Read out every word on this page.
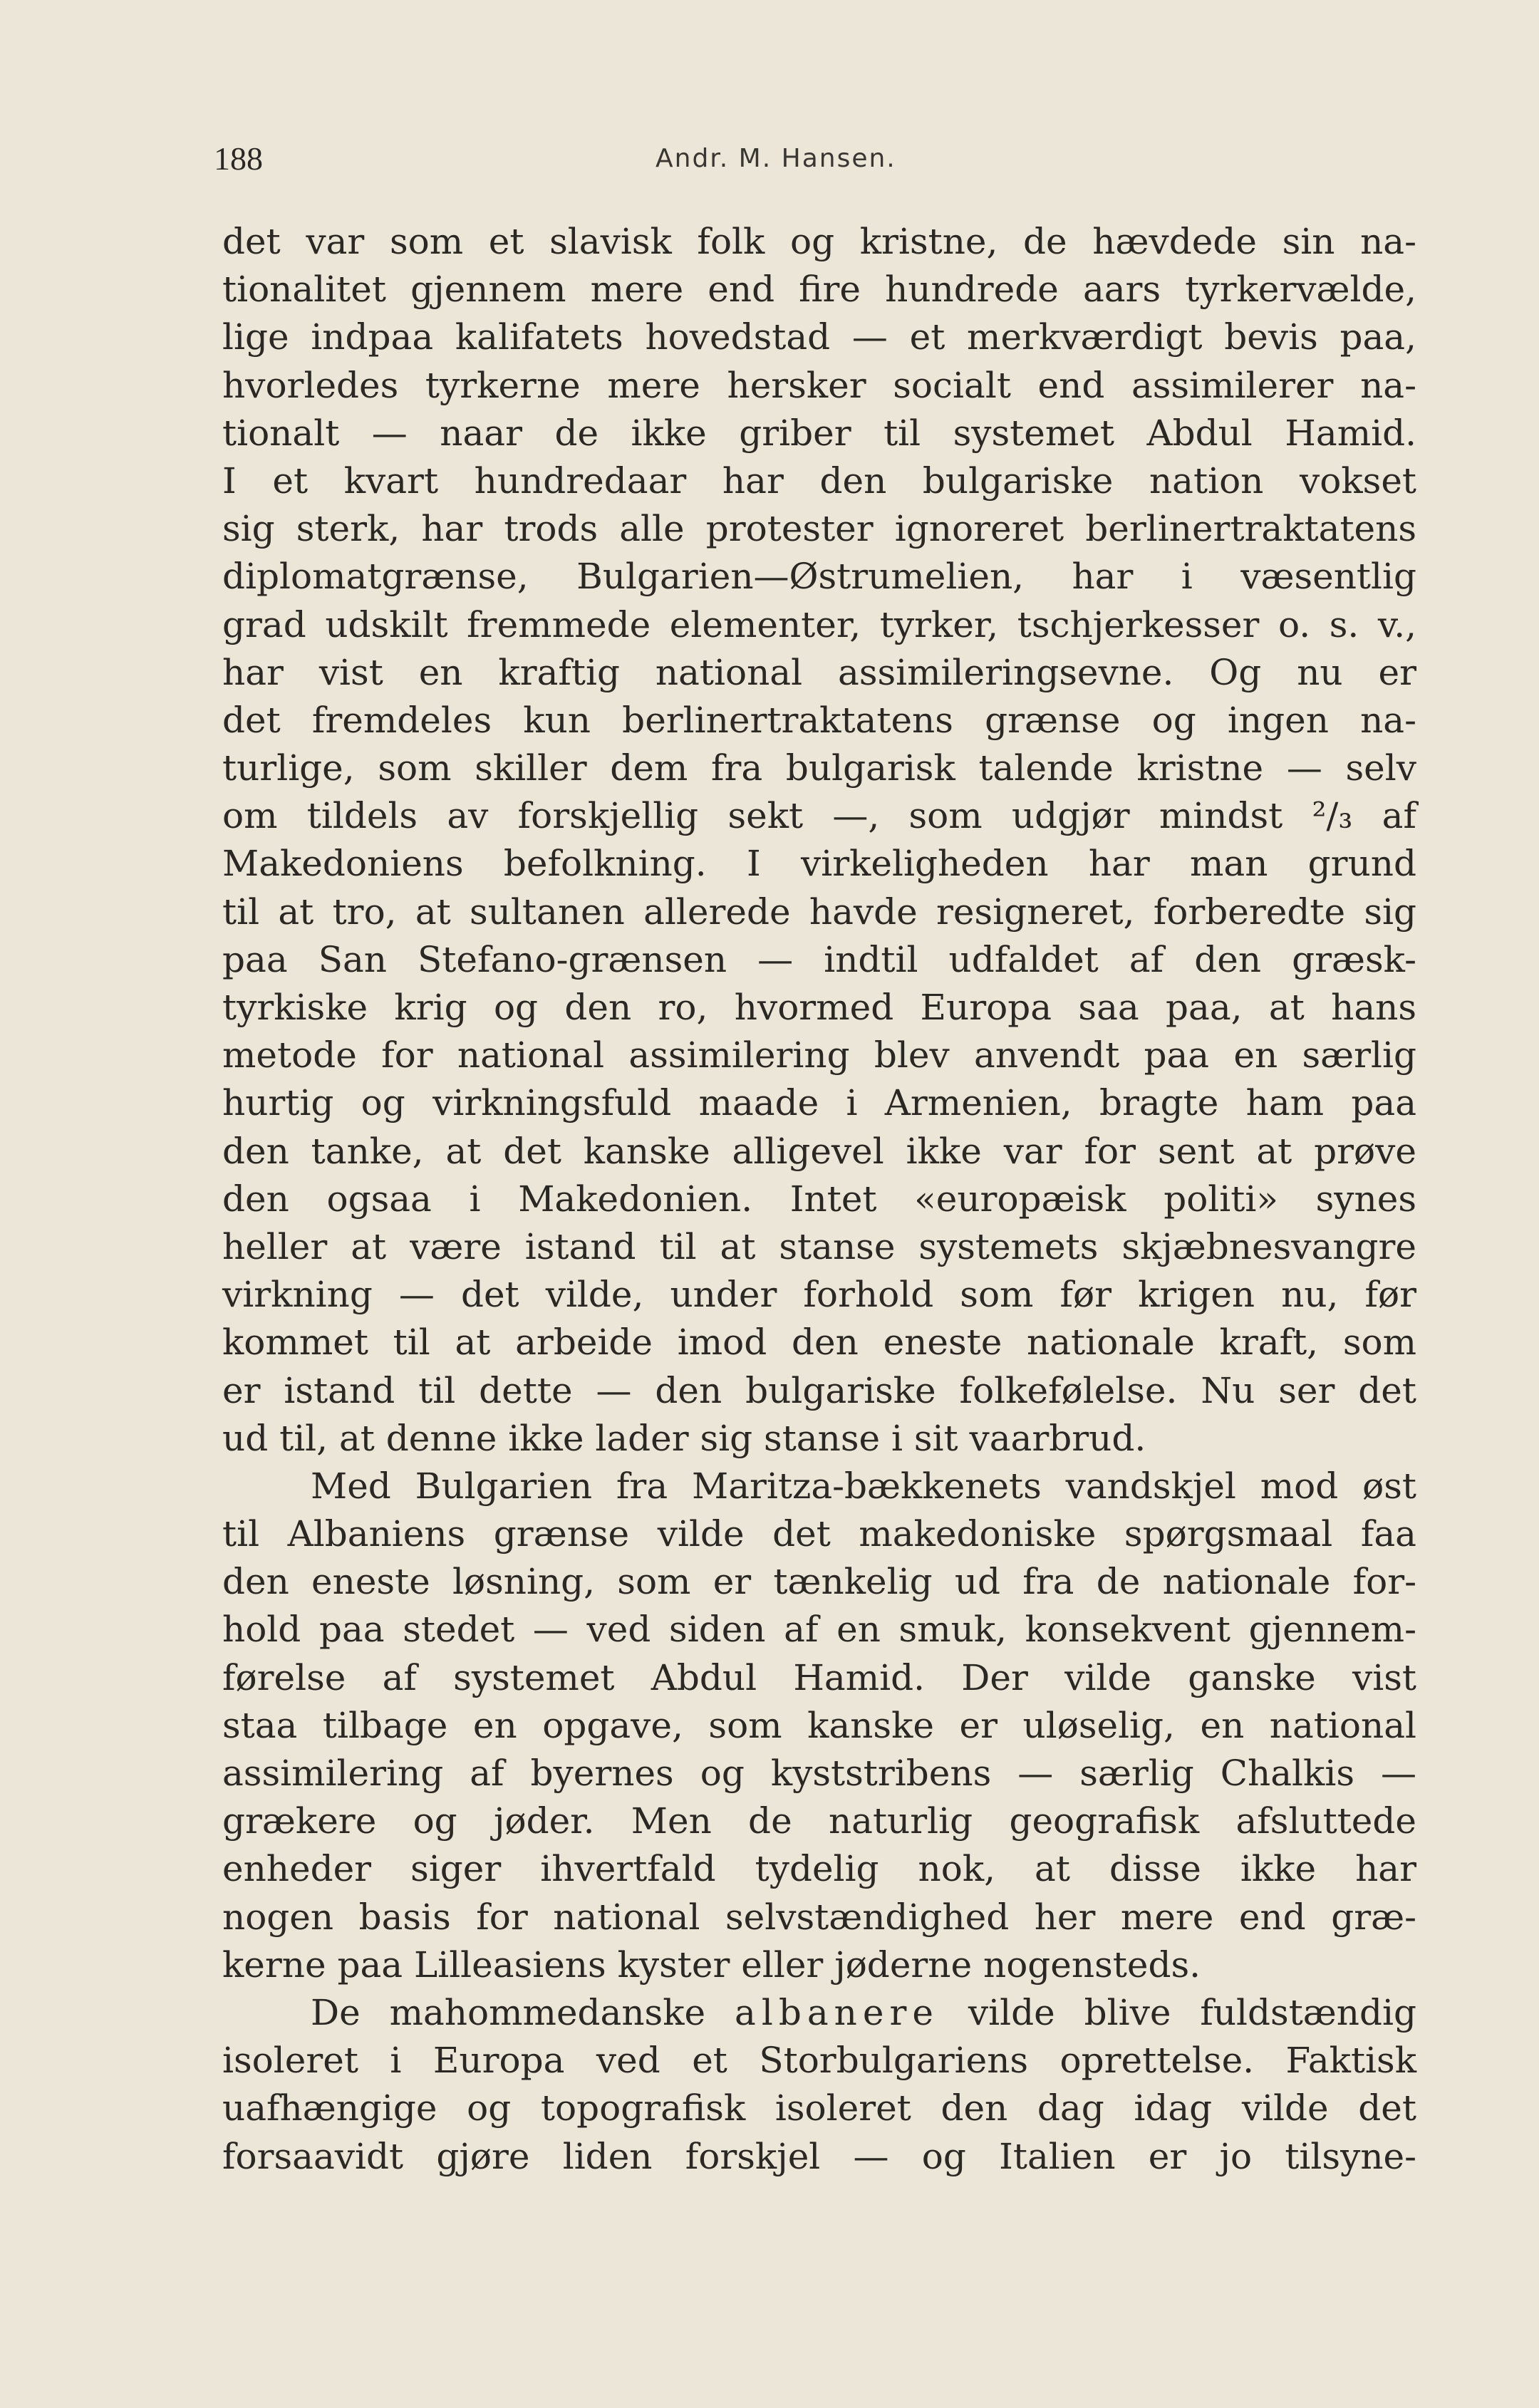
188	Andr. M. Hansen.
det var som et slavisk folk og kristne, de hævdede sin na-
tionalitet gjennem mere end fire hundrede aars tyrkervælde,
lige indpaa kalifatets hovedstad — et merkværdigt bevis paa,
hvorledes tyrkerne mere hersker socialt end assimilerer na-
tionalt — naar de ikke griber til systemet Abdul Hamid.
I et kvart hundredaar har den bulgariske nation vokset
sig sterk, har trods alle protester ignoreret berlinertraktatens
diplomatgrænse, Bulgarien—Østrumelien, har i væsentlig
grad udskilt fremmede elementer, tyrker, tschjerkesser o. s. v.,
har vist en kraftig national assimileringsevne. Og nu er
det fremdeles kun berlinertraktatens grænse og ingen na-
turlige, som skiller dem fra bulgarisk talende kristne — selv
om tildels av forskjellig sekt —, som udgjør mindst ²/₃ af
Makedoniens befolkning. I virkeligheden har man grund
til at tro, at sultanen allerede havde resigneret, forberedte sig
paa San Stefano-grænsen — indtil udfaldet af den græsk-
tyrkiske krig og den ro, hvormed Europa saa paa, at hans
metode for national assimilering blev anvendt paa en særlig
hurtig og virkningsfuld maade i Armenien, bragte ham paa
den tanke, at det kanske alligevel ikke var for sent at prøve
den ogsaa i Makedonien. Intet «europæisk politi» synes
heller at være istand til at stanse systemets skjæbnesvangre
virkning — det vilde, under forhold som før krigen nu, før
kommet til at arbeide imod den eneste nationale kraft, som
er istand til dette — den bulgariske folkefølelse. Nu ser det
ud til, at denne ikke lader sig stanse i sit vaarbrud.
Med Bulgarien fra Maritza-bækkenets vandskjel mod øst
til Albaniens grænse vilde det makedoniske spørgsmaal faa
den eneste løsning, som er tænkelig ud fra de nationale for-
hold paa stedet — ved siden af en smuk, konsekvent gjennem-
førelse af systemet Abdul Hamid. Der vilde ganske vist
staa tilbage en opgave, som kanske er uløselig, en national
assimilering af byernes og kyststribens — særlig Chalkis —
grækere og jøder. Men de naturlig geografisk afsluttede
enheder siger ihvertfald tydelig nok, at disse ikke har
nogen basis for national selvstændighed her mere end græ-
kerne paa Lilleasiens kyster eller jøderne nogensteds.
De mahommedanske albanere vilde blive fuldstændig
isoleret i Europa ved et Storbulgariens oprettelse. Faktisk
uafhængige og topografisk isoleret den dag idag vilde det
forsaavidt gjøre liden forskjel — og Italien er jo tilsyne-
